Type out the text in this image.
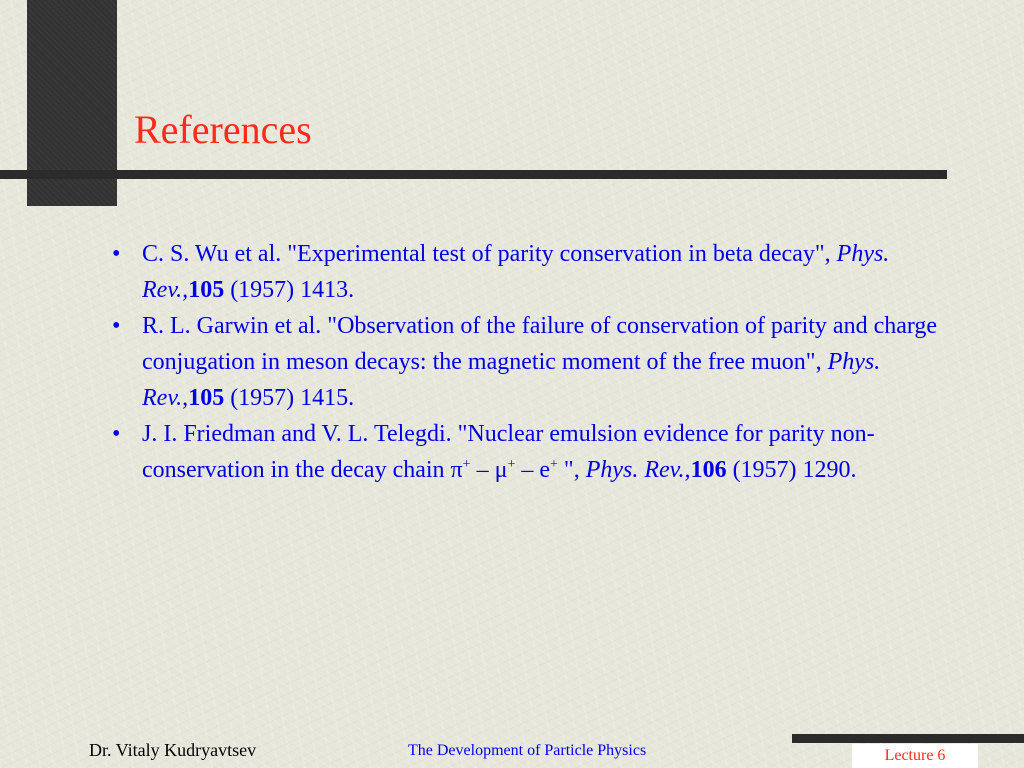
References
• C. S. Wu et al. "Experimental test of parity conservation in beta decay", Phys. Rev.,105 (1957) 1413.
• R. L. Garwin et al. "Observation of the failure of conservation of parity and charge conjugation in meson decays: the magnetic moment of the free muon", Phys. Rev.,105 (1957) 1415.
• J. I. Friedman and V. L. Telegdi. "Nuclear emulsion evidence for parity non-conservation in the decay chain π+ – μ+ – e+ ", Phys. Rev.,106 (1957) 1290.
Dr. Vitaly Kudryavtsev	The Development of Particle Physics	Lecture 6
